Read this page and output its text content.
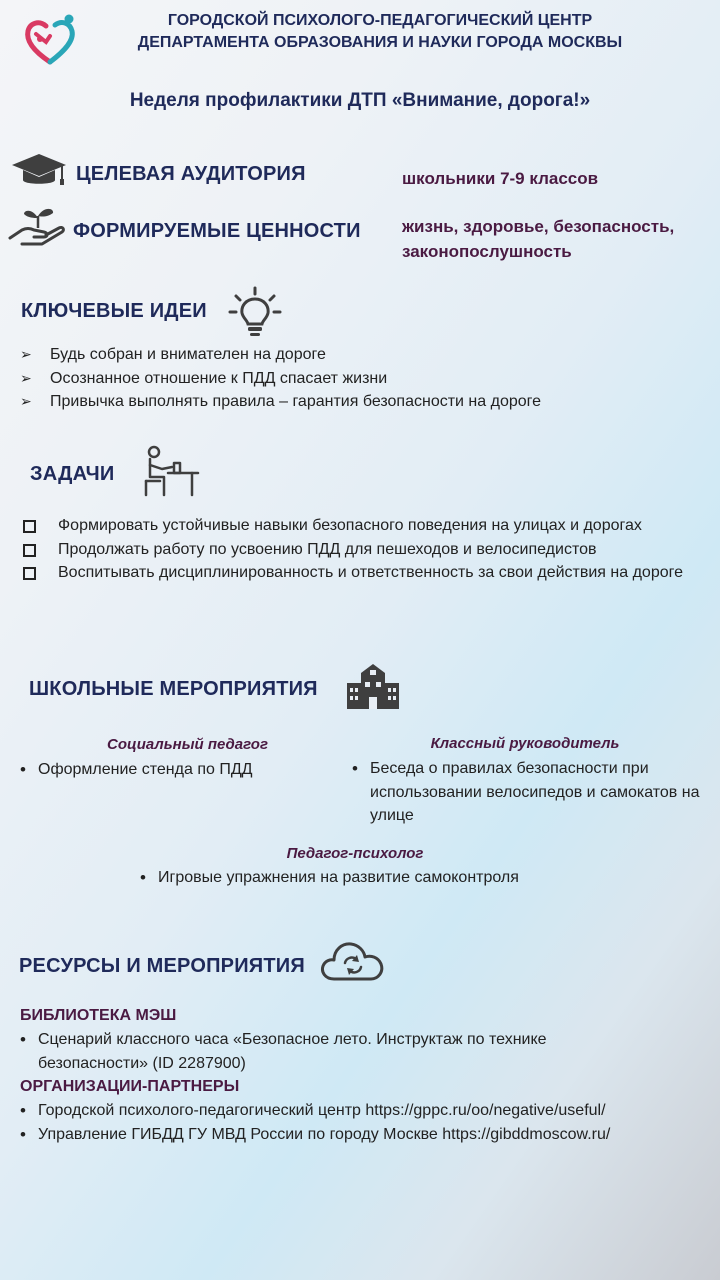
ГОРОДСКОЙ ПСИХОЛОГО-ПЕДАГОГИЧЕСКИЙ ЦЕНТР
ДЕПАРТАМЕНТА ОБРАЗОВАНИЯ И НАУКИ ГОРОДА МОСКВЫ
Неделя профилактики ДТП «Внимание, дорога!»
ЦЕЛЕВАЯ АУДИТОРИЯ	школьники 7-9 классов
ФОРМИРУЕМЫЕ ЦЕННОСТИ жизнь, здоровье, безопасность,
законопослушность
КЛЮЧЕВЫЕ ИДЕИ
➢ Будь собран и внимателен на дороге
➢ Осознанное отношение к ПДД спасает жизни
➢ Привычка выполнять правила – гарантия безопасности на дороге
ЗАДАЧИ
Формировать устойчивые навыки безопасного поведения на улицах и дорогах
Продолжать работу по усвоению ПДД для пешеходов и велосипедистов
Воспитывать дисциплинированность и ответственность за свои действия на дороге
ШКОЛЬНЫЕ МЕРОПРИЯТИЯ
Социальный педагог
• Оформление стенда по ПДД
Классный руководитель
• Беседа о правилах безопасности при использовании велосипедов и самокатов на улице
Педагог-психолог
• Игровые упражнения на развитие самоконтроля
РЕСУРСЫ И МЕРОПРИЯТИЯ
БИБЛИОТЕКА МЭШ
• Сценарий классного часа «Безопасное лето. Инструктаж по технике безопасности» (ID 2287900)
ОРГАНИЗАЦИИ-ПАРТНЕРЫ
• Городской психолого-педагогический центр https://gppc.ru/oo/negative/useful/
• Управление ГИБДД ГУ МВД России по городу Москве https://gibddmoscow.ru/
